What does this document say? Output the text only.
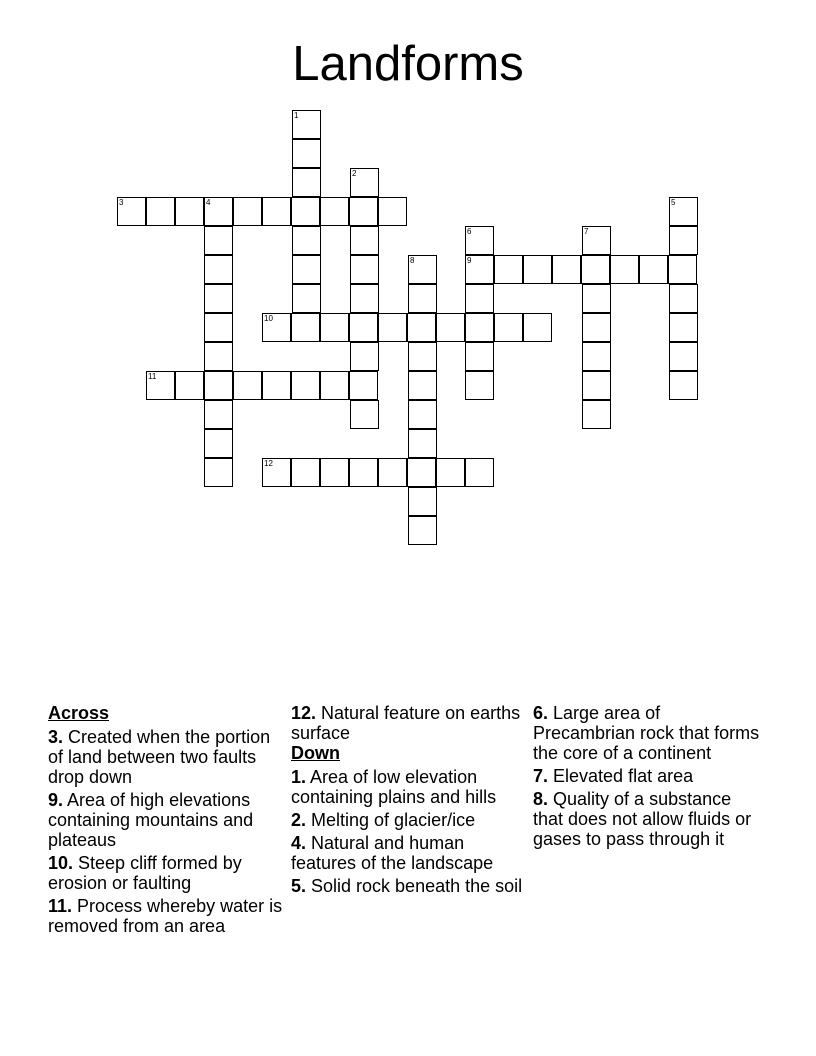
Landforms
1
2
3	4	5
6	7
8	9
10
11
12
Across
3. Created when the portion of land between two faults drop down
9. Area of high elevations containing mountains and plateaus
10. Steep cliff formed by erosion or faulting
11. Process whereby water is removed from an area
12. Natural feature on earths surface
Down
1. Area of low elevation containing plains and hills
2. Melting of glacier/ice
4. Natural and human features of the landscape
5. Solid rock beneath the soil
6. Large area of Precambrian rock that forms the core of a continent
7. Elevated flat area
8. Quality of a substance that does not allow fluids or gases to pass through it
